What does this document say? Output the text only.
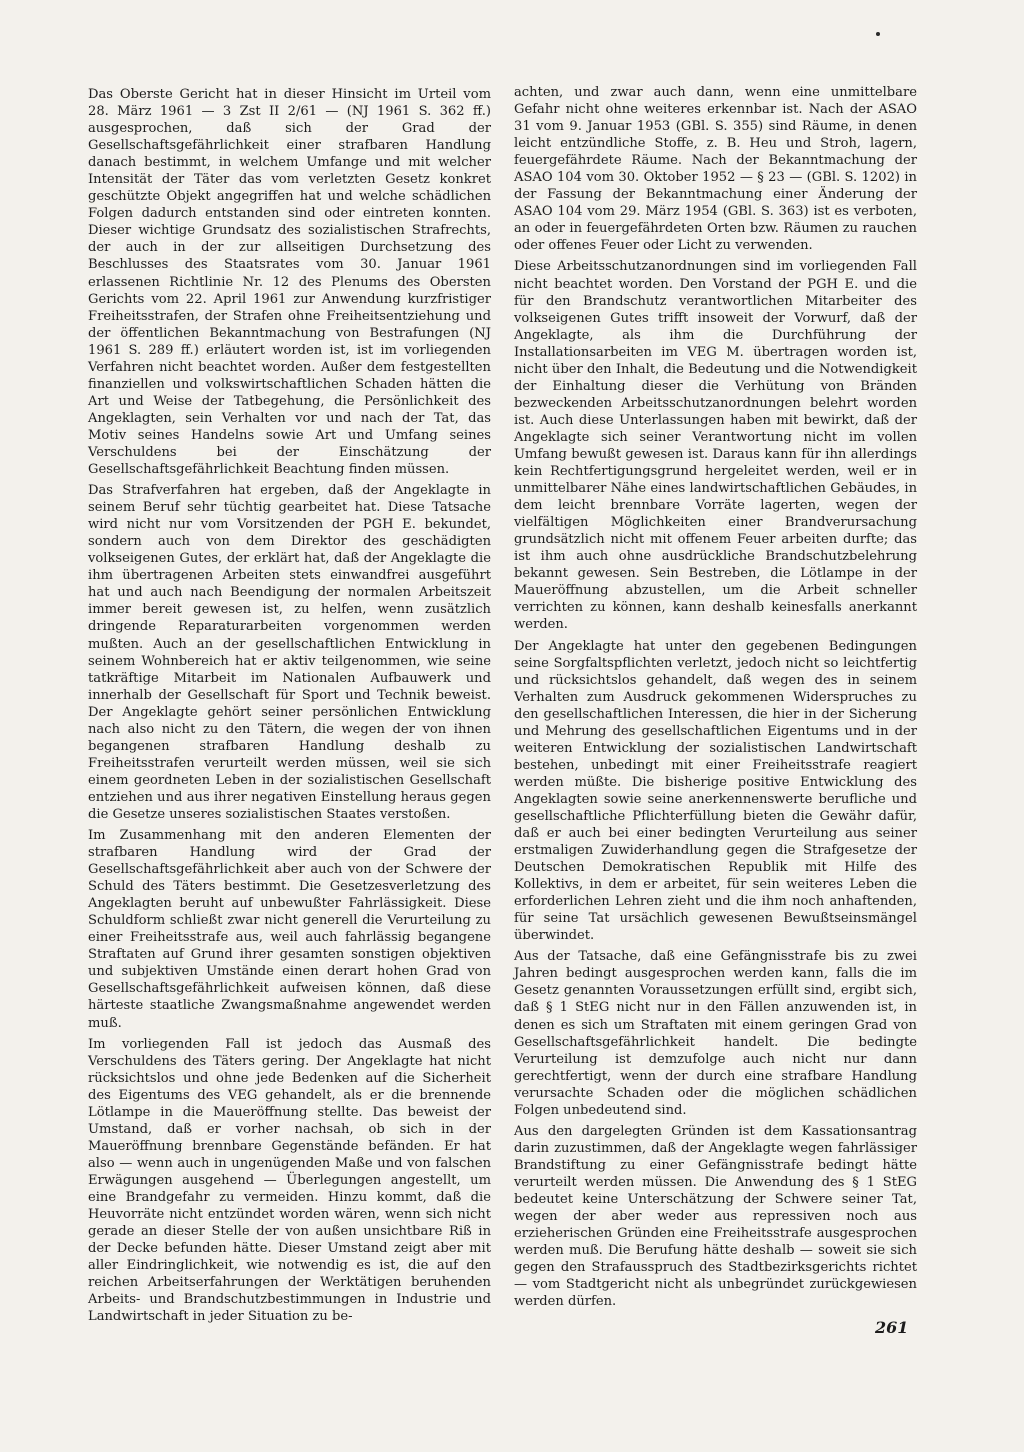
Das Oberste Gericht hat in dieser Hinsicht im Urteil vom 28. März 1961 — 3 Zst II 2/61 — (NJ 1961 S. 362 ff.) ausgesprochen, daß sich der Grad der Gesellschaftsgefährlichkeit einer strafbaren Handlung danach bestimmt, in welchem Umfange und mit welcher Intensität der Täter das vom verletzten Gesetz konkret geschützte Objekt angegriffen hat und welche schädlichen Folgen dadurch entstanden sind oder eintreten konnten. Dieser wichtige Grundsatz des sozialistischen Strafrechts, der auch in der zur allseitigen Durchsetzung des Beschlusses des Staatsrates vom 30. Januar 1961 erlassenen Richtlinie Nr. 12 des Plenums des Obersten Gerichts vom 22. April 1961 zur Anwendung kurzfristiger Freiheitsstrafen, der Strafen ohne Freiheitsentziehung und der öffentlichen Bekanntmachung von Bestrafungen (NJ 1961 S. 289 ff.) erläutert worden ist, ist im vorliegenden Verfahren nicht beachtet worden. Außer dem festgestellten finanziellen und volkswirtschaftlichen Schaden hätten die Art und Weise der Tatbegehung, die Persönlichkeit des Angeklagten, sein Verhalten vor und nach der Tat, das Motiv seines Handelns sowie Art und Umfang seines Verschuldens bei der Einschätzung der Gesellschaftsgefährlichkeit Beachtung finden müssen.

Das Strafverfahren hat ergeben, daß der Angeklagte in seinem Beruf sehr tüchtig gearbeitet hat. Diese Tatsache wird nicht nur vom Vorsitzenden der PGH E. bekundet, sondern auch von dem Direktor des geschädigten volkseigenen Gutes, der erklärt hat, daß der Angeklagte die ihm übertragenen Arbeiten stets einwandfrei ausgeführt hat und auch nach Beendigung der normalen Arbeitszeit immer bereit gewesen ist, zu helfen, wenn zusätzlich dringende Reparaturarbeiten vorgenommen werden mußten. Auch an der gesellschaftlichen Entwicklung in seinem Wohnbereich hat er aktiv teilgenommen, wie seine tatkräftige Mitarbeit im Nationalen Aufbauwerk und innerhalb der Gesellschaft für Sport und Technik beweist. Der Angeklagte gehört seiner persönlichen Entwicklung nach also nicht zu den Tätern, die wegen der von ihnen begangenen strafbaren Handlung deshalb zu Freiheitsstrafen verurteilt werden müssen, weil sie sich einem geordneten Leben in der sozialistischen Gesellschaft entziehen und aus ihrer negativen Einstellung heraus gegen die Gesetze unseres sozialistischen Staates verstoßen.

Im Zusammenhang mit den anderen Elementen der strafbaren Handlung wird der Grad der Gesellschaftsgefährlichkeit aber auch von der Schwere der Schuld des Täters bestimmt. Die Gesetzesverletzung des Angeklagten beruht auf unbewußter Fahrlässigkeit. Diese Schuldform schließt zwar nicht generell die Verurteilung zu einer Freiheitsstrafe aus, weil auch fahrlässig begangene Straftaten auf Grund ihrer gesamten sonstigen objektiven und subjektiven Umstände einen derart hohen Grad von Gesellschaftsgefährlichkeit aufweisen können, daß diese härteste staatliche Zwangsmaßnahme angewendet werden muß.

Im vorliegenden Fall ist jedoch das Ausmaß des Verschuldens des Täters gering. Der Angeklagte hat nicht rücksichtslos und ohne jede Bedenken auf die Sicherheit des Eigentums des VEG gehandelt, als er die brennende Lötlampe in die Maueröffnung stellte. Das beweist der Umstand, daß er vorher nachsah, ob sich in der Maueröffnung brennbare Gegenstände befänden. Er hat also — wenn auch in ungenügenden Maße und von falschen Erwägungen ausgehend — Überlegungen angestellt, um eine Brandgefahr zu vermeiden. Hinzu kommt, daß die Heuvorräte nicht entzündet worden wären, wenn sich nicht gerade an dieser Stelle der von außen unsichtbare Riß in der Decke befunden hätte. Dieser Umstand zeigt aber mit aller Eindringlichkeit, wie notwendig es ist, die auf den reichen Arbeitserfahrungen der Werktätigen beruhenden Arbeits- und Brandschutzbestimmungen in Industrie und Landwirtschaft in jeder Situation zu be-

achten, und zwar auch dann, wenn eine unmittelbare Gefahr nicht ohne weiteres erkennbar ist. Nach der ASAO 31 vom 9. Januar 1953 (GBl. S. 355) sind Räume, in denen leicht entzündliche Stoffe, z. B. Heu und Stroh, lagern, feuergefährdete Räume. Nach der Bekanntmachung der ASAO 104 vom 30. Oktober 1952 — § 23 — (GBl. S. 1202) in der Fassung der Bekanntmachung einer Änderung der ASAO 104 vom 29. März 1954 (GBl. S. 363) ist es verboten, an oder in feuergefährdeten Orten bzw. Räumen zu rauchen oder offenes Feuer oder Licht zu verwenden.

Diese Arbeitsschutzanordnungen sind im vorliegenden Fall nicht beachtet worden. Den Vorstand der PGH E. und die für den Brandschutz verantwortlichen Mitarbeiter des volkseigenen Gutes trifft insoweit der Vorwurf, daß der Angeklagte, als ihm die Durchführung der Installationsarbeiten im VEG M. übertragen worden ist, nicht über den Inhalt, die Bedeutung und die Notwendigkeit der Einhaltung dieser die Verhütung von Bränden bezweckenden Arbeitsschutzanordnungen belehrt worden ist. Auch diese Unterlassungen haben mit bewirkt, daß der Angeklagte sich seiner Verantwortung nicht im vollen Umfang bewußt gewesen ist. Daraus kann für ihn allerdings kein Rechtfertigungsgrund hergeleitet werden, weil er in unmittelbarer Nähe eines landwirtschaftlichen Gebäudes, in dem leicht brennbare Vorräte lagerten, wegen der vielfältigen Möglichkeiten einer Brandverursachung grundsätzlich nicht mit offenem Feuer arbeiten durfte; das ist ihm auch ohne ausdrückliche Brandschutzbelehrung bekannt gewesen. Sein Bestreben, die Lötlampe in der Maueröffnung abzustellen, um die Arbeit schneller verrichten zu können, kann deshalb keinesfalls anerkannt werden.

Der Angeklagte hat unter den gegebenen Bedingungen seine Sorgfaltspflichten verletzt, jedoch nicht so leichtfertig und rücksichtslos gehandelt, daß wegen des in seinem Verhalten zum Ausdruck gekommenen Widerspruches zu den gesellschaftlichen Interessen, die hier in der Sicherung und Mehrung des gesellschaftlichen Eigentums und in der weiteren Entwicklung der sozialistischen Landwirtschaft bestehen, unbedingt mit einer Freiheitsstrafe reagiert werden müßte. Die bisherige positive Entwicklung des Angeklagten sowie seine anerkennenswerte berufliche und gesellschaftliche Pflichterfüllung bieten die Gewähr dafür, daß er auch bei einer bedingten Verurteilung aus seiner erstmaligen Zuwiderhandlung gegen die Strafgesetze der Deutschen Demokratischen Republik mit Hilfe des Kollektivs, in dem er arbeitet, für sein weiteres Leben die erforderlichen Lehren zieht und die ihm noch anhaftenden, für seine Tat ursächlich gewesenen Bewußtseinsmängel überwindet.

Aus der Tatsache, daß eine Gefängnisstrafe bis zu zwei Jahren bedingt ausgesprochen werden kann, falls die im Gesetz genannten Voraussetzungen erfüllt sind, ergibt sich, daß § 1 StEG nicht nur in den Fällen anzuwenden ist, in denen es sich um Straftaten mit einem geringen Grad von Gesellschaftsgefährlichkeit handelt. Die bedingte Verurteilung ist demzufolge auch nicht nur dann gerechtfertigt, wenn der durch eine strafbare Handlung verursachte Schaden oder die möglichen schädlichen Folgen unbedeutend sind.

Aus den dargelegten Gründen ist dem Kassationsantrag darin zuzustimmen, daß der Angeklagte wegen fahrlässiger Brandstiftung zu einer Gefängnisstrafe bedingt hätte verurteilt werden müssen. Die Anwendung des § 1 StEG bedeutet keine Unterschätzung der Schwere seiner Tat, wegen der aber weder aus repressiven noch aus erzieherischen Gründen eine Freiheitsstrafe ausgesprochen werden muß. Die Berufung hätte deshalb — soweit sie sich gegen den Strafausspruch des Stadtbezirksgerichts richtet — vom Stadtgericht nicht als unbegründet zurückgewiesen werden dürfen.

261
